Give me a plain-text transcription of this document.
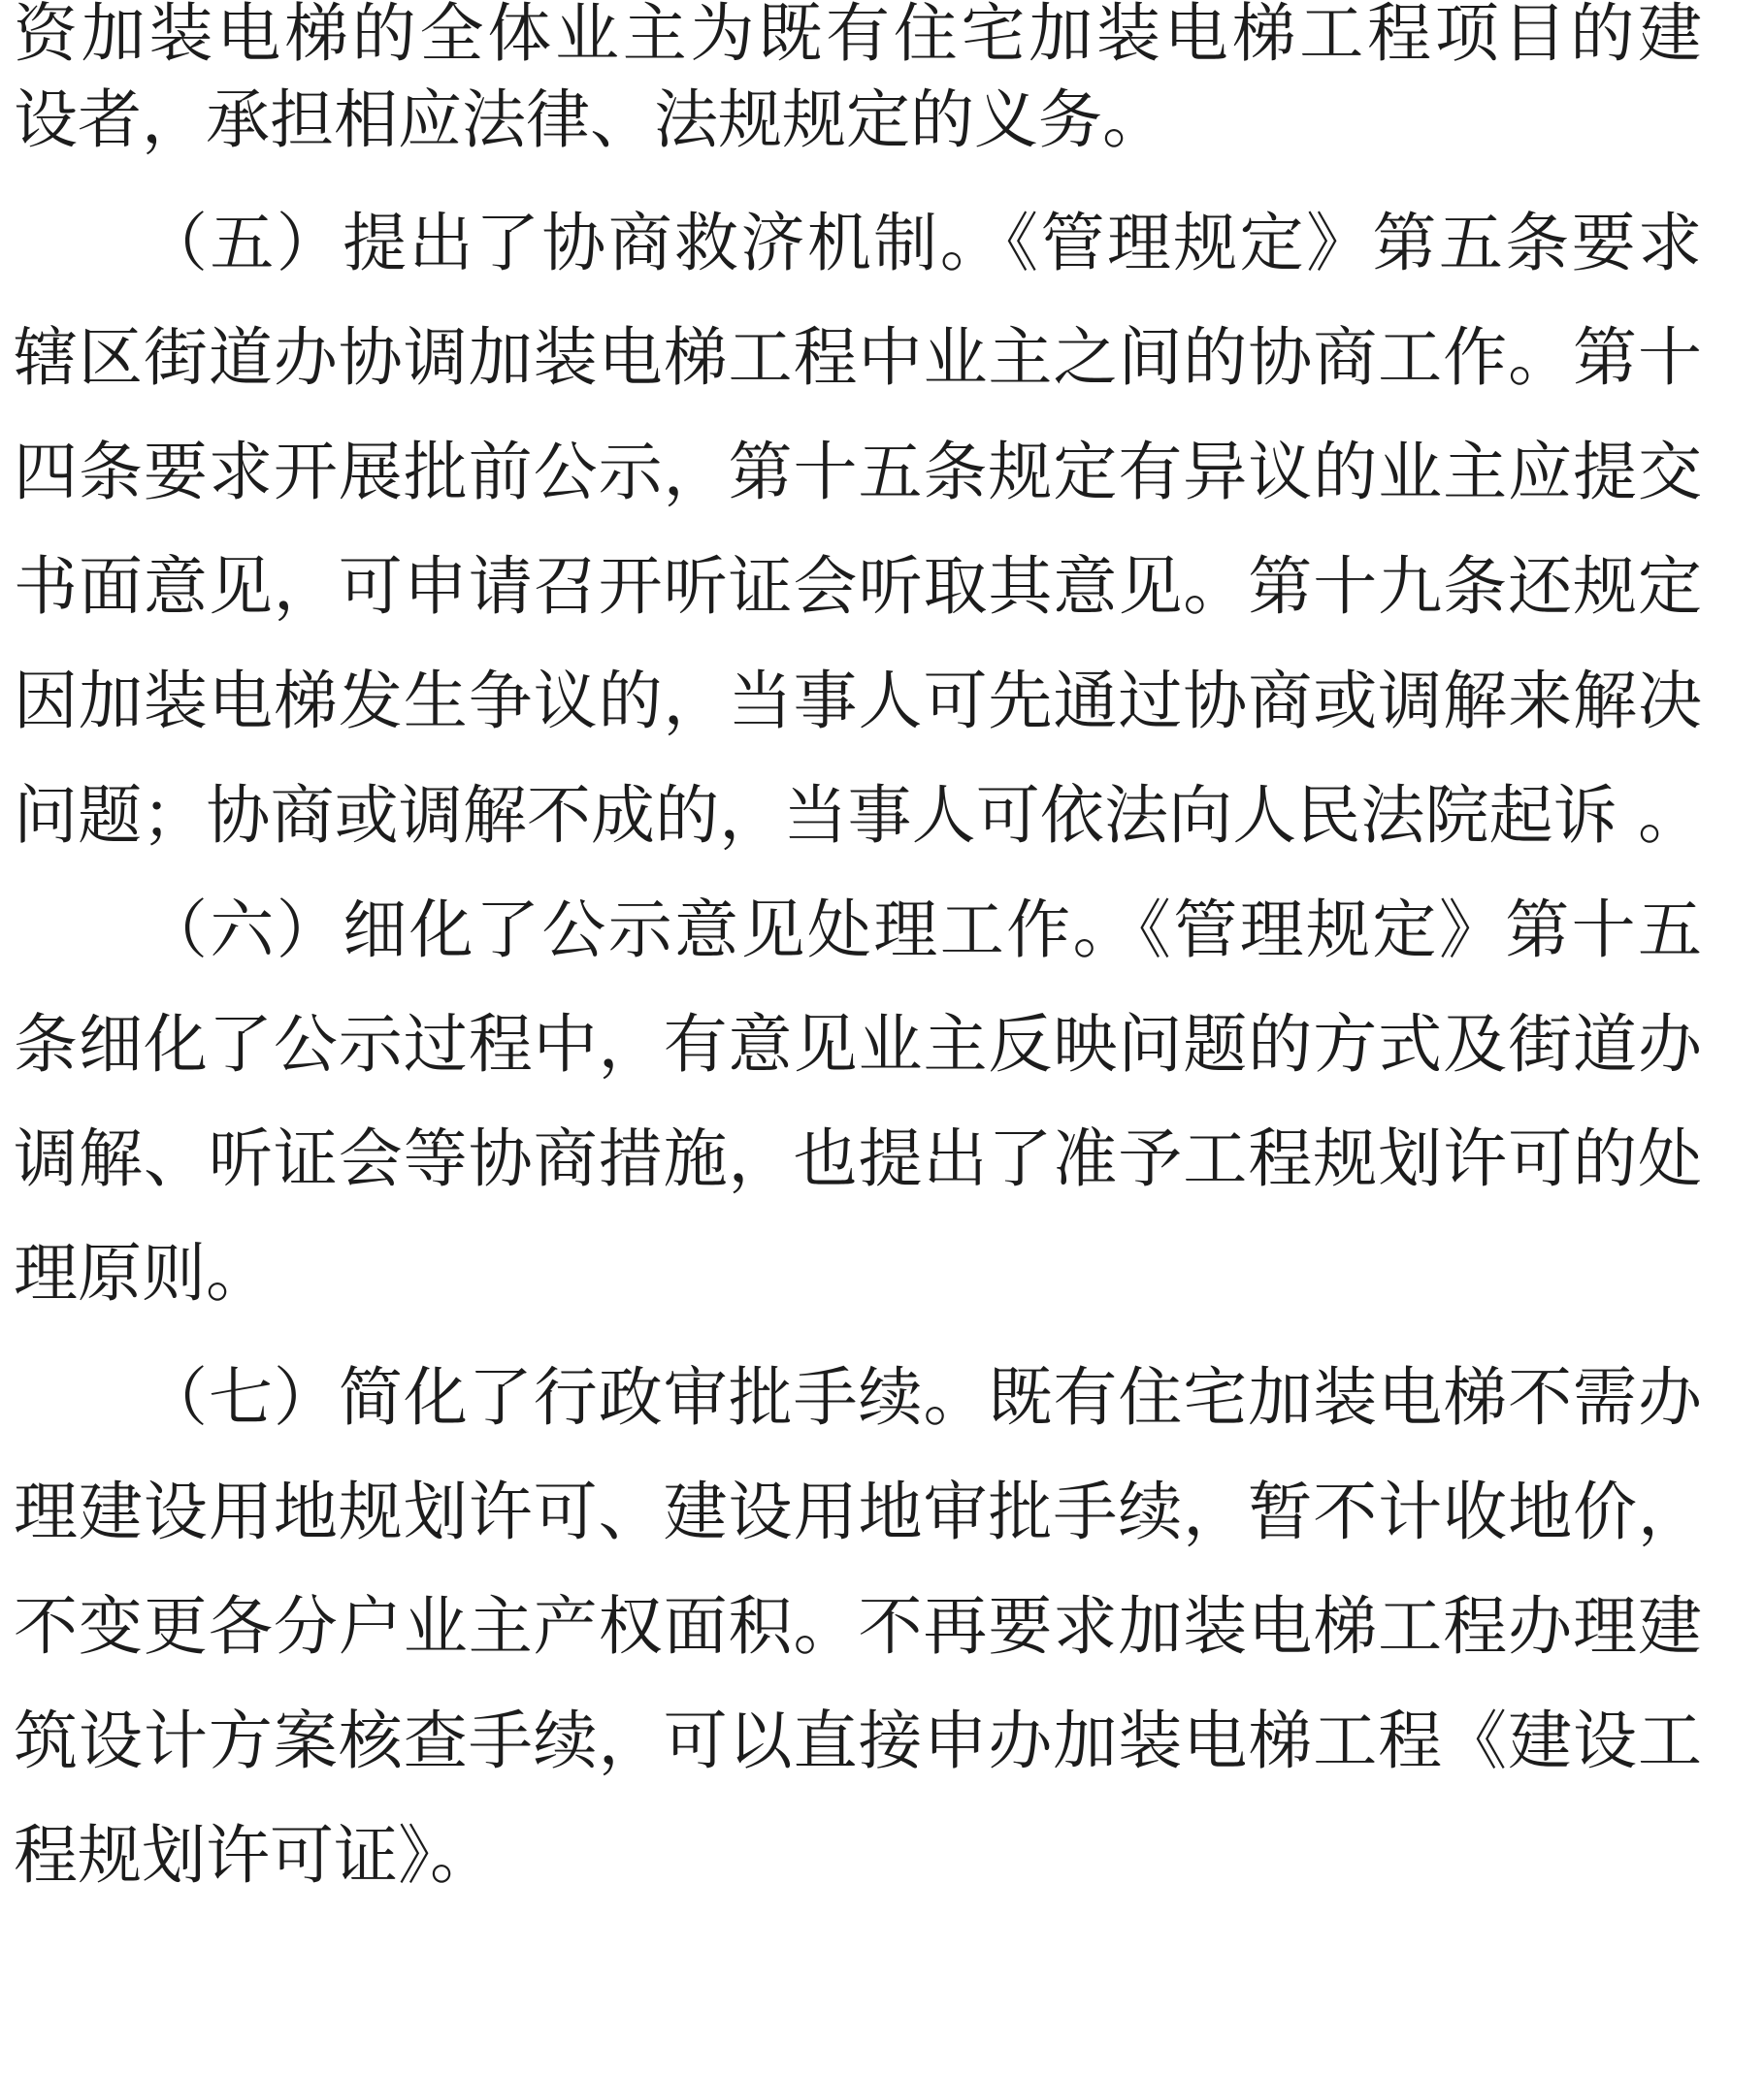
资加装电梯的全体业主为既有住宅加装电梯工程项目的建
设者，承担相应法律、法规规定的义务。
（五）提出了协商救济机制。《管理规定》第五条要求
辖区街道办协调加装电梯工程中业主之间的协商工作。第十
四条要求开展批前公示，第十五条规定有异议的业主应提交
书面意见，可申请召开听证会听取其意见。第十九条还规定
因加装电梯发生争议的，当事人可先通过协商或调解来解决
问题；协商或调解不成的，当事人可依法向人民法院起诉 。
（六）细化了公示意见处理工作。《管理规定》第十五
条细化了公示过程中，有意见业主反映问题的方式及街道办
调解、听证会等协商措施，也提出了准予工程规划许可的处
理原则。
（七）简化了行政审批手续。既有住宅加装电梯不需办
理建设用地规划许可、建设用地审批手续，暂不计收地价，
不变更各分户业主产权面积。不再要求加装电梯工程办理建
筑设计方案核查手续，可以直接申办加装电梯工程《建设工
程规划许可证》。
